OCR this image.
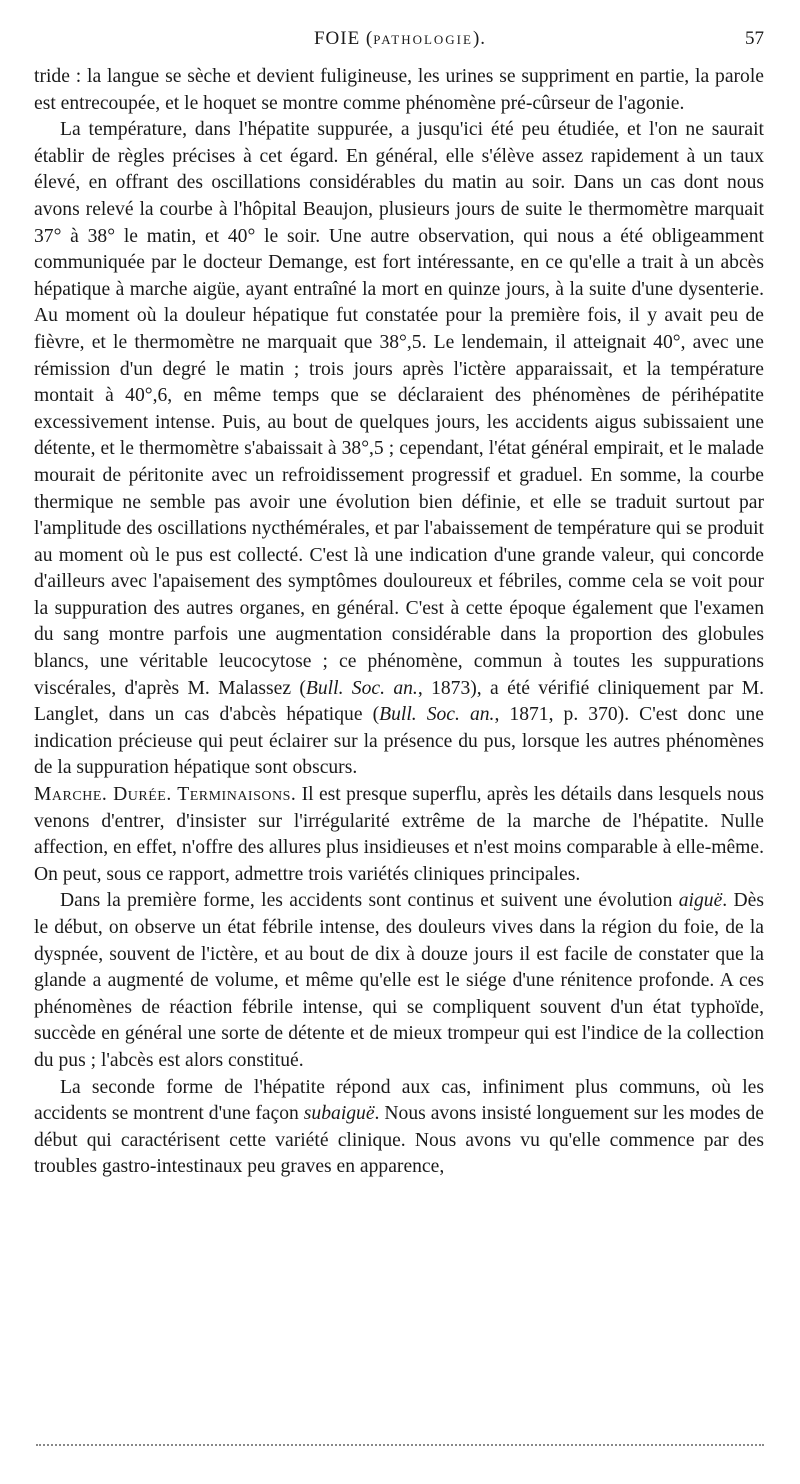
FOIE (PATHOLOGIE).	57

tride : la langue se sèche et devient fuligineuse, les urines se suppriment en partie, la parole est entrecoupée, et le hoquet se montre comme phénomène pré-cûrseur de l'agonie.

La température, dans l'hépatite suppurée, a jusqu'ici été peu étudiée, et l'on ne saurait établir de règles précises à cet égard. En général, elle s'élève assez rapidement à un taux élevé, en offrant des oscillations considérables du matin au soir. Dans un cas dont nous avons relevé la courbe à l'hôpital Beaujon, plusieurs jours de suite le thermomètre marquait 37° à 38° le matin, et 40° le soir. Une autre observation, qui nous a été obligeamment communiquée par le docteur Demange, est fort intéressante, en ce qu'elle a trait à un abcès hépatique à marche aigüe, ayant entraîné la mort en quinze jours, à la suite d'une dysenterie. Au moment où la douleur hépatique fut constatée pour la première fois, il y avait peu de fièvre, et le thermomètre ne marquait que 38°,5. Le lendemain, il atteignait 40°, avec une rémission d'un degré le matin ; trois jours après l'ictère apparaissait, et la température montait à 40°,6, en même temps que se déclaraient des phénomènes de périhépatite excessivement intense. Puis, au bout de quelques jours, les accidents aigus subissaient une détente, et le thermomètre s'abaissait à 38°,5 ; cependant, l'état général empirait, et le malade mourait de péritonite avec un refroidissement progressif et graduel. En somme, la courbe thermique ne semble pas avoir une évolution bien définie, et elle se traduit surtout par l'amplitude des oscillations nycthémérales, et par l'abaissement de température qui se produit au moment où le pus est collecté. C'est là une indication d'une grande valeur, qui concorde d'ailleurs avec l'apaisement des symptômes douloureux et fébriles, comme cela se voit pour la suppuration des autres organes, en général. C'est à cette époque également que l'examen du sang montre parfois une augmentation considérable dans la proportion des globules blancs, une véritable leucocytose ; ce phénomène, commun à toutes les suppurations viscérales, d'après M. Malassez (Bull. Soc. an., 1873), a été vérifié cliniquement par M. Langlet, dans un cas d'abcès hépatique (Bull. Soc. an., 1871, p. 370). C'est donc une indication précieuse qui peut éclairer sur la présence du pus, lorsque les autres phénomènes de la suppuration hépatique sont obscurs.

Marche. Durée. Terminaisons. Il est presque superflu, après les détails dans lesquels nous venons d'entrer, d'insister sur l'irrégularité extrême de la marche de l'hépatite. Nulle affection, en effet, n'offre des allures plus insidieuses et n'est moins comparable à elle-même. On peut, sous ce rapport, admettre trois variétés cliniques principales.

Dans la première forme, les accidents sont continus et suivent une évolution aiguë. Dès le début, on observe un état fébrile intense, des douleurs vives dans la région du foie, de la dyspnée, souvent de l'ictère, et au bout de dix à douze jours il est facile de constater que la glande a augmenté de volume, et même qu'elle est le siége d'une rénitence profonde. A ces phénomènes de réaction fébrile intense, qui se compliquent souvent d'un état typhoïde, succède en général une sorte de détente et de mieux trompeur qui est l'indice de la collection du pus ; l'abcès est alors constitué.

La seconde forme de l'hépatite répond aux cas, infiniment plus communs, où les accidents se montrent d'une façon subaiguë. Nous avons insisté longuement sur les modes de début qui caractérisent cette variété clinique. Nous avons vu qu'elle commence par des troubles gastro-intestinaux peu graves en apparence,
